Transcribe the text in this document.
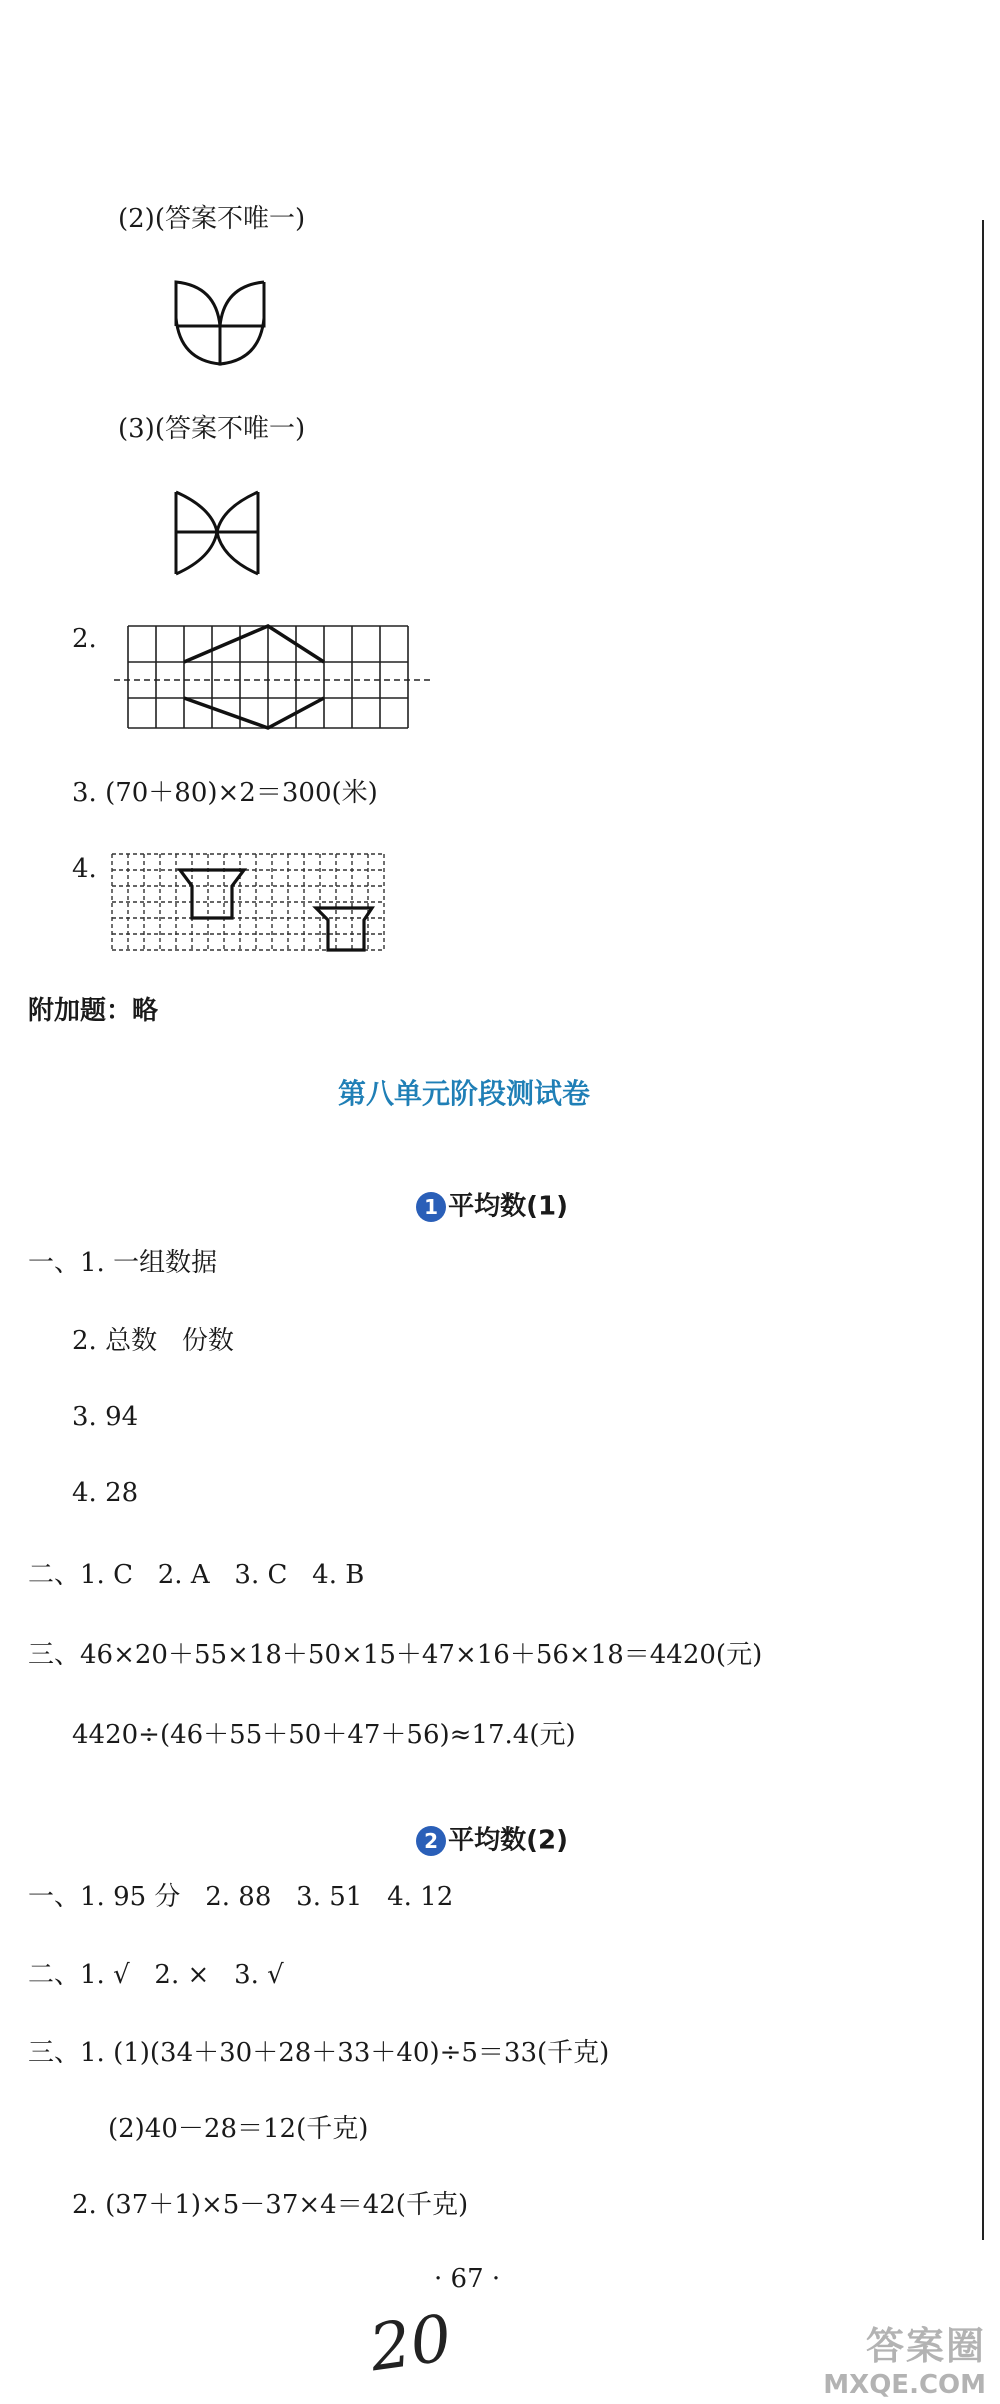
(2)(答案不唯一)
(3)(答案不唯一)
2.
3. (70＋80)×2＝300(米)
4.
附加题：略
第八单元阶段测试卷

1 平均数(1)

一、1. 一组数据
2. 总数   份数
3. 94
4. 28
二、1. C   2. A   3. C   4. B
三、46×20＋55×18＋50×15＋47×16＋56×18＝4420(元)
4420÷(46＋55＋50＋47＋56)≈17.4(元)

2 平均数(2)

一、1. 95 分   2. 88   3. 51   4. 12
二、1. √   2. ×   3. √
三、1. (1)(34＋30＋28＋33＋40)÷5＝33(千克)
(2)40－28＝12(千克)
2. (37＋1)×5－37×4＝42(千克)
· 67 ·
20	答案圈
MXQE.COM
